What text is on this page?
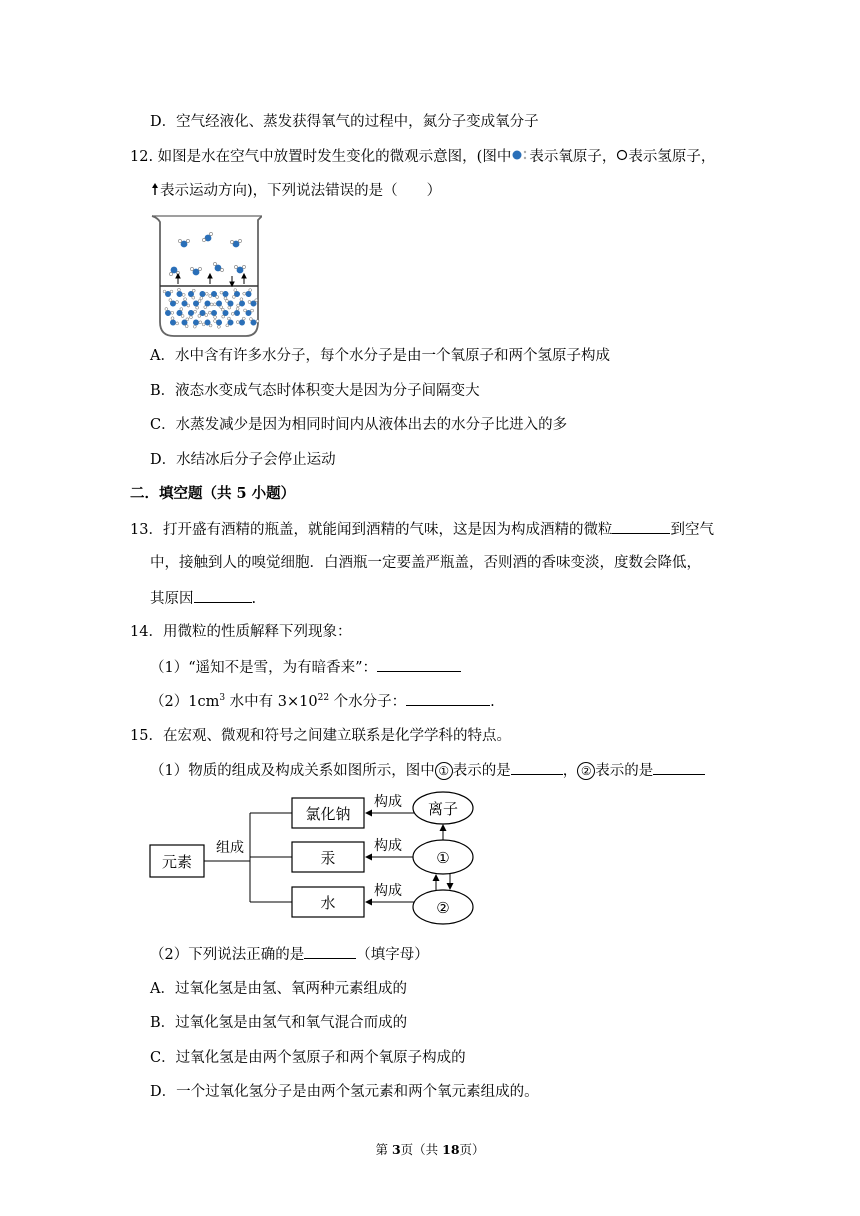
D．空气经液化、蒸发获得氧气的过程中，氮分子变成氧分子
12. 如图是水在空气中放置时发生变化的微观示意图，(图中 表示氧原子， 表示氢原子，
表示运动方向)，下列说法错误的是（　　）
A．水中含有许多水分子，每个水分子是由一个氧原子和两个氢原子构成
B．液态水变成气态时体积变大是因为分子间隔变大
C．水蒸发减少是因为相同时间内从液体出去的水分子比进入的多
D．水结冰后分子会停止运动
二．填空题（共 5 小题）
13．打开盛有酒精的瓶盖，就能闻到酒精的气味，这是因为构成酒精的微粒	到空气
中，接触到人的嗅觉细胞．白酒瓶一定要盖严瓶盖，否则酒的香味变淡，度数会降低，
其原因	.
14．用微粒的性质解释下列现象：
（1）“遥知不是雪，为有暗香来”：
$(2)1cm^3$ 水中有 $3\times 10^{22}$ 个水分子：	.
15．在宏观、微观和符号之间建立联系是化学学科的特点。
（1）物质的组成及构成关系如图所示，图中 ① 表示的是	， ② 表示的是
元素
组成
氯化钠
汞
水
构成
构成
构成
离子
①
②
（2）下列说法正确的是	（填字母）
A．过氧化氢是由氢、氧两种元素组成的
B．过氧化氢是由氢气和氧气混合而成的
C．过氧化氢是由两个氢原子和两个氧原子构成的
D．一个过氧化氢分子是由两个氢元素和两个氧元素组成的。
第 3页（共 18页）
